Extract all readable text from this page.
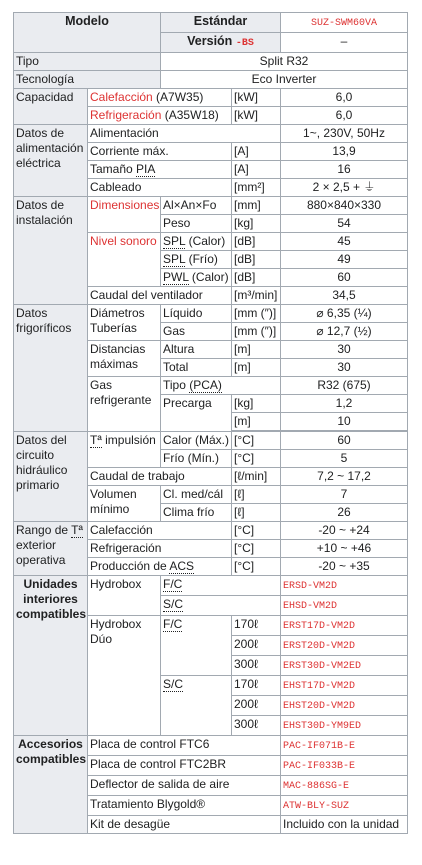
Modelo		Estándar		SUZ-SWM60VA
		Versión -BS		–
Tipo		Split R32		
Tecnología		Eco Inverter		
Capacidad	Calefacción (A7W35)		[kW]	6,0
	Refrigeración (A35W18)		[kW]	6,0
Datos de alimentación eléctrica	Alimentación			1~, 230V, 50Hz
	Corriente máx.		[A]	13,9
	Tamaño PIA		[A]	16
	Cableado		[mm²]	2 × 2,5 + ⏚
Datos de instalación	Dimensiones	Al×An×Fo	[mm]	880×840×330
		Peso	[kg]	54
	Nivel sonoro	SPL (Calor)	[dB]	45
		SPL (Frío)	[dB]	49
		PWL (Calor)	[dB]	60
	Caudal del ventilador		[m³/min]	34,5
Datos frigoríficos	Diámetros Tuberías	Líquido	[mm (″)]	⌀ 6,35 (¼)
		Gas	[mm (″)]	⌀ 12,7 (½)
	Distancias máximas	Altura	[m]	30
		Total	[m]	30
	Gas refrigerante	Tipo (PCA)		R32 (675)
		Precarga	[kg]	1,2
			[m]	10

Datos del circuito hidráulico primario	Tª impulsión	Calor (Máx.)	[°C]	60
		Frío (Mín.)	[°C]	5
	Caudal de trabajo		[ℓ/min]	7,2 ~ 17,2
	Volumen mínimo	Cl. med/cál	[ℓ]	7
		Clima frío	[ℓ]	26
Rango de Tª exterior operativa	Calefacción		[°C]	-20 ~ +24
	Refrigeración		[°C]	+10 ~ +46
	Producción de ACS		[°C]	-20 ~ +35
Unidades interiores compatibles	Hydrobox	F/C		ERSD-VM2D
		S/C		EHSD-VM2D
	Hydrobox Dúo	F/C	170ℓ	ERST17D-VM2D
			200ℓ	ERST20D-VM2D
			300ℓ	ERST30D-VM2ED
		S/C	170ℓ	EHST17D-VM2D
			200ℓ	EHST20D-VM2D
			300ℓ	EHST30D-YM9ED
Accesorios compatibles	Placa de control FTC6			PAC-IF071B-E
	Placa de control FTC2BR			PAC-IF033B-E
	Deflector de salida de aire			MAC-886SG-E
	Tratamiento Blygold®			ATW-BLY-SUZ
	Kit de desagüe			Incluido con la unidad
